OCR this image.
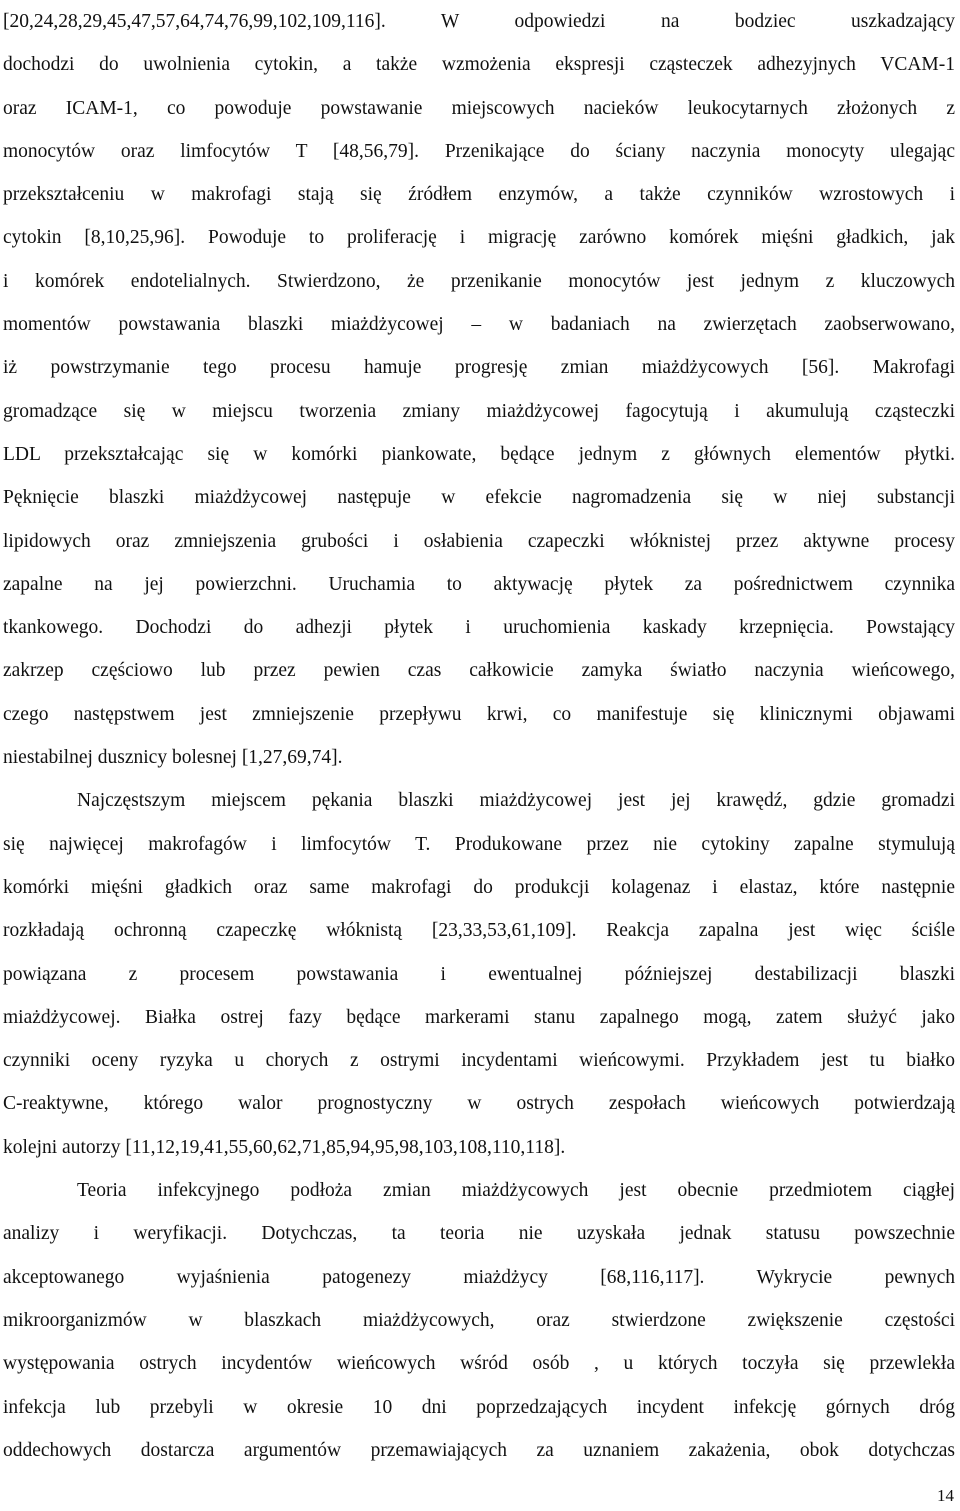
[20,24,28,29,45,47,57,64,74,76,99,102,109,116]. W odpowiedzi na bodziec uszkadzający
dochodzi do uwolnienia cytokin, a także wzmożenia ekspresji cząsteczek adhezyjnych VCAM-1
oraz ICAM-1, co powoduje powstawanie miejscowych nacieków leukocytarnych złożonych z
monocytów oraz limfocytów T [48,56,79]. Przenikające do ściany naczynia monocyty ulegając
przekształceniu w makrofagi stają się źródłem enzymów, a także czynników wzrostowych i
cytokin [8,10,25,96]. Powoduje to proliferację i migrację zarówno komórek mięśni gładkich, jak
i komórek endotelialnych. Stwierdzono, że przenikanie monocytów jest jednym z kluczowych
momentów powstawania blaszki miażdżycowej – w badaniach na zwierzętach zaobserwowano,
iż powstrzymanie tego procesu hamuje progresję zmian miażdżycowych [56]. Makrofagi
gromadzące się w miejscu tworzenia zmiany miażdżycowej fagocytują i akumulują cząsteczki
LDL przekształcając się w komórki piankowate, będące jednym z głównych elementów płytki.
Pęknięcie blaszki miażdżycowej następuje w efekcie nagromadzenia się w niej substancji
lipidowych oraz zmniejszenia grubości i osłabienia czapeczki włóknistej przez aktywne procesy
zapalne na jej powierzchni. Uruchamia to aktywację płytek za pośrednictwem czynnika
tkankowego. Dochodzi do adhezji płytek i uruchomienia kaskady krzepnięcia. Powstający
zakrzep częściowo lub przez pewien czas całkowicie zamyka światło naczynia wieńcowego,
czego następstwem jest zmniejszenie przepływu krwi, co manifestuje się klinicznymi objawami
niestabilnej dusznicy bolesnej [1,27,69,74].
Najczęstszym miejscem pękania blaszki miażdżycowej jest jej krawędź, gdzie gromadzi
się najwięcej makrofagów i limfocytów T. Produkowane przez nie cytokiny zapalne stymulują
komórki mięśni gładkich oraz same makrofagi do produkcji kolagenaz i elastaz, które następnie
rozkładają ochronną czapeczkę włóknistą [23,33,53,61,109]. Reakcja zapalna jest więc ściśle
powiązana z procesem powstawania i ewentualnej późniejszej destabilizacji blaszki
miażdżycowej. Białka ostrej fazy będące markerami stanu zapalnego mogą, zatem służyć jako
czynniki oceny ryzyka u chorych z ostrymi incydentami wieńcowymi. Przykładem jest tu białko
C-reaktywne, którego walor prognostyczny w ostrych zespołach wieńcowych potwierdzają
kolejni autorzy [11,12,19,41,55,60,62,71,85,94,95,98,103,108,110,118].
Teoria infekcyjnego podłoża zmian miażdżycowych jest obecnie przedmiotem ciągłej
analizy i weryfikacji. Dotychczas, ta teoria nie uzyskała jednak statusu powszechnie
akceptowanego wyjaśnienia patogenezy miażdżycy [68,116,117]. Wykrycie pewnych
mikroorganizmów w blaszkach miażdżycowych, oraz stwierdzone zwiększenie częstości
występowania ostrych incydentów wieńcowych wśród osób , u których toczyła się przewlekła
infekcja lub przebyli w okresie 10 dni poprzedzających incydent infekcję górnych dróg
oddechowych dostarcza argumentów przemawiających za uznaniem zakażenia, obok dotychczas
14
